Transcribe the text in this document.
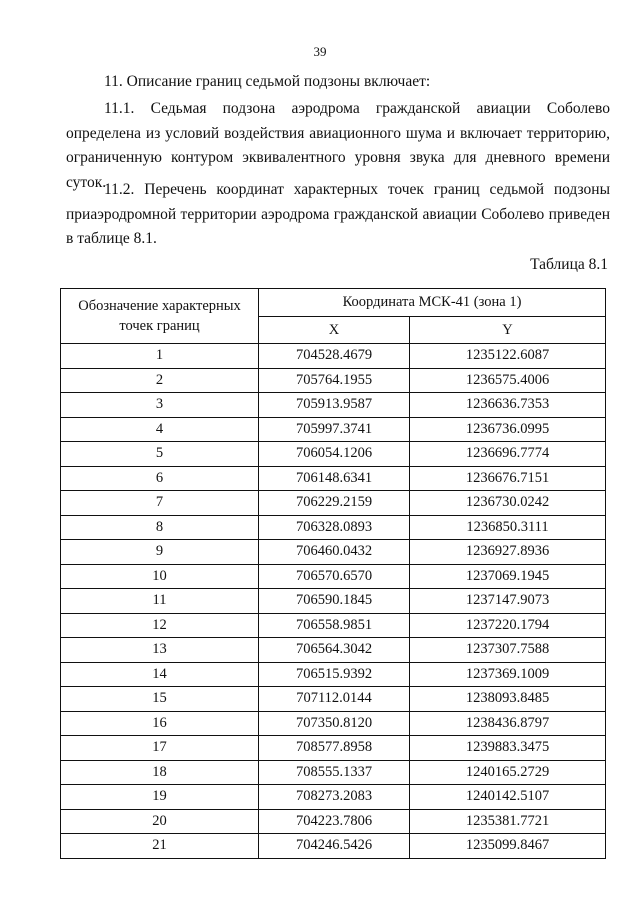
39

11. Описание границ седьмой подзоны включает:

11.1. Седьмая подзона аэродрома гражданской авиации Соболево определена из условий воздействия авиационного шума и включает территорию, ограниченную контуром эквивалентного уровня звука для дневного времени суток.

11.2. Перечень координат характерных точек границ седьмой подзоны приаэродромной территории аэродрома гражданской авиации Соболево приведен в таблице 8.1.

Таблица 8.1
Обозначение характерных точек границ	Координата МСК-41 (зона 1)	
	X	Y
1	704528.4679	1235122.6087
2	705764.1955	1236575.4006
3	705913.9587	1236636.7353
4	705997.3741	1236736.0995
5	706054.1206	1236696.7774
6	706148.6341	1236676.7151
7	706229.2159	1236730.0242
8	706328.0893	1236850.3111
9	706460.0432	1236927.8936
10	706570.6570	1237069.1945
11	706590.1845	1237147.9073
12	706558.9851	1237220.1794
13	706564.3042	1237307.7588
14	706515.9392	1237369.1009
15	707112.0144	1238093.8485
16	707350.8120	1238436.8797
17	708577.8958	1239883.3475
18	708555.1337	1240165.2729
19	708273.2083	1240142.5107
20	704223.7806	1235381.7721
21	704246.5426	1235099.8467
